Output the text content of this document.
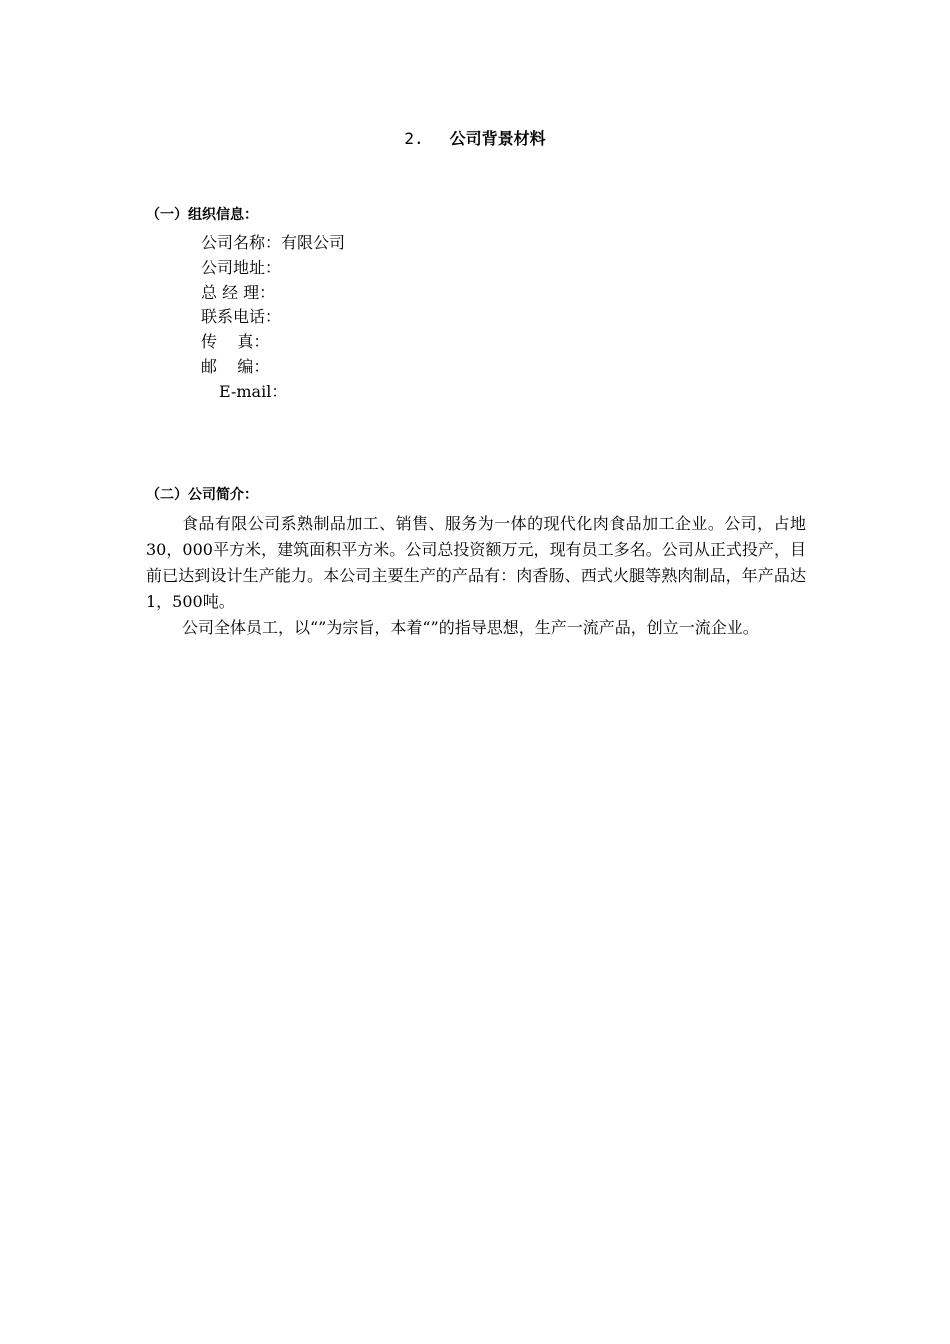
2. 公司背景材料
（一）组织信息：
公司名称：有限公司
公司地址：
总 经 理：
联系电话：
传    真：
邮    编：
E-mail：
（二）公司简介：

食品有限公司系熟制品加工、销售、服务为一体的现代化肉食品加工企业。公司，占地30，000平方米，建筑面积平方米。公司总投资额万元，现有员工多名。公司从正式投产，目前已达到设计生产能力。本公司主要生产的产品有：肉香肠、西式火腿等熟肉制品，年产品达1，500吨。

公司全体员工，以“”为宗旨，本着“”的指导思想，生产一流产品，创立一流企业。
